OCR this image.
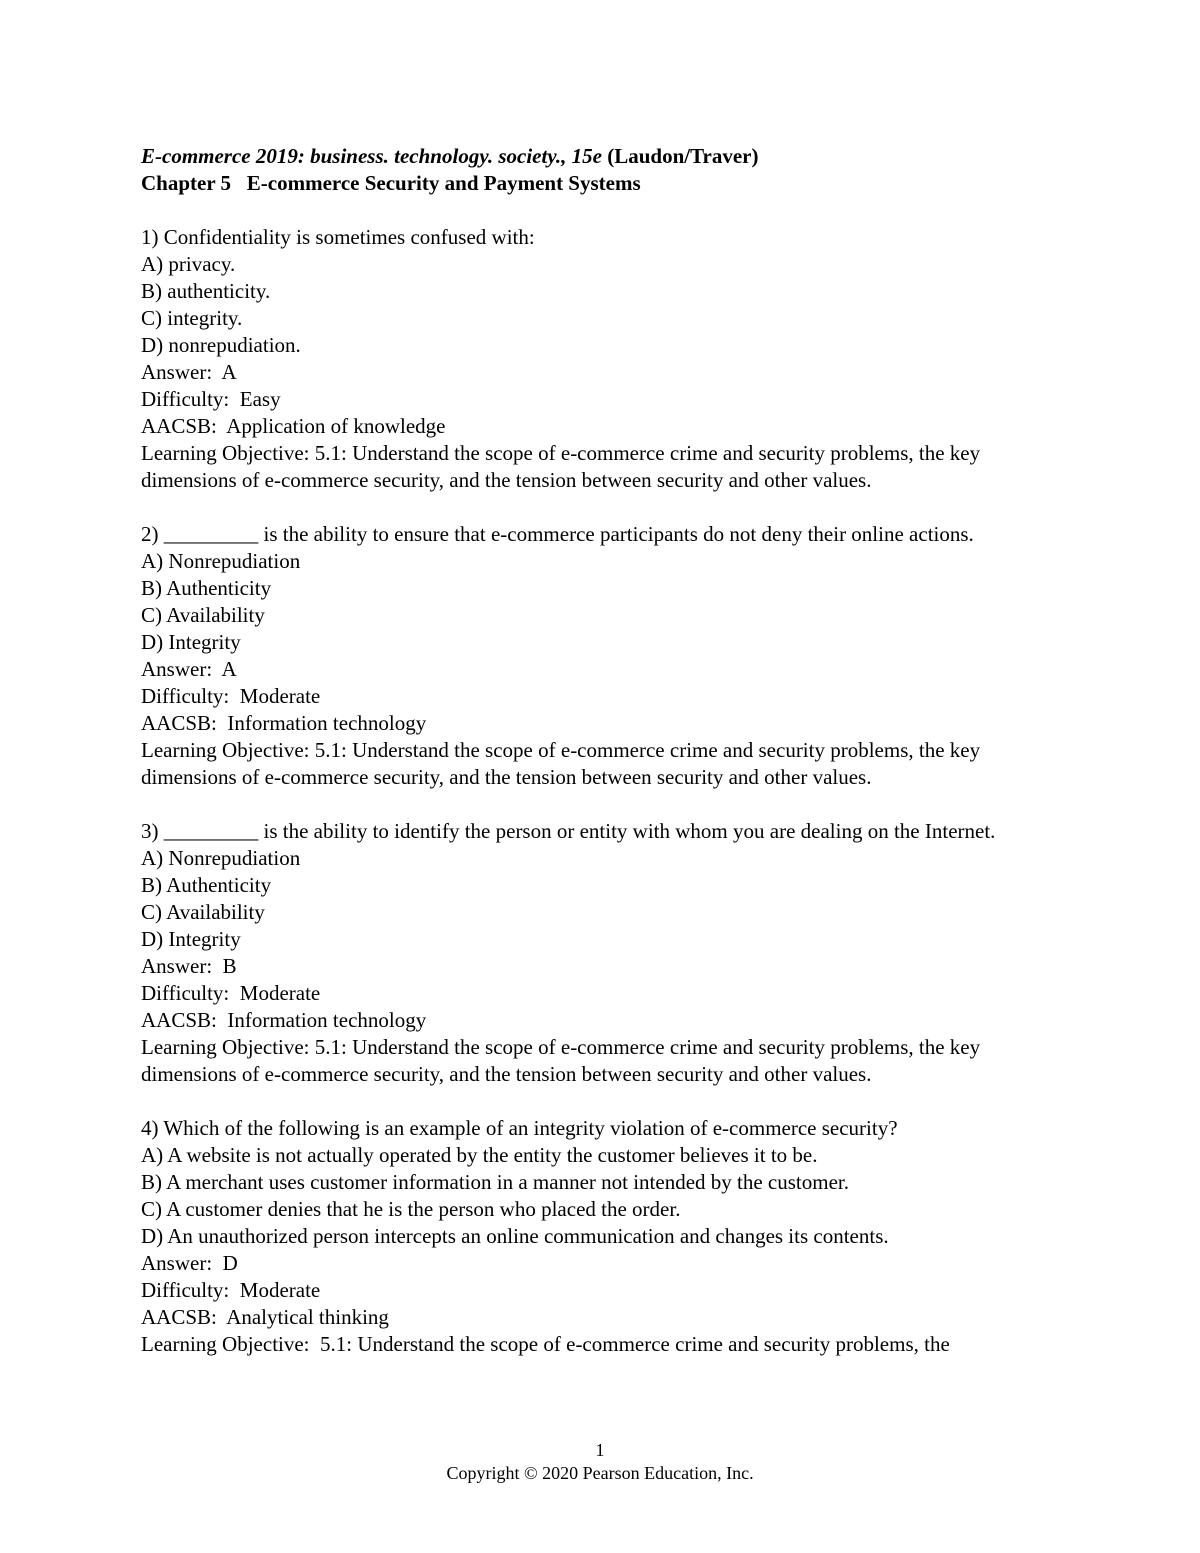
E-commerce 2019: business. technology. society., 15e (Laudon/Traver)
Chapter 5   E-commerce Security and Payment Systems
1) Confidentiality is sometimes confused with:
A) privacy.
B) authenticity.
C) integrity.
D) nonrepudiation.
Answer:  A
Difficulty:  Easy
AACSB:  Application of knowledge
Learning Objective: 5.1: Understand the scope of e-commerce crime and security problems, the key dimensions of e-commerce security, and the tension between security and other values.
2) _________ is the ability to ensure that e-commerce participants do not deny their online actions.
A) Nonrepudiation
B) Authenticity
C) Availability
D) Integrity
Answer:  A
Difficulty:  Moderate
AACSB:  Information technology
Learning Objective: 5.1: Understand the scope of e-commerce crime and security problems, the key dimensions of e-commerce security, and the tension between security and other values.
3) _________ is the ability to identify the person or entity with whom you are dealing on the Internet.
A) Nonrepudiation
B) Authenticity
C) Availability
D) Integrity
Answer:  B
Difficulty:  Moderate
AACSB:  Information technology
Learning Objective: 5.1: Understand the scope of e-commerce crime and security problems, the key dimensions of e-commerce security, and the tension between security and other values.
4) Which of the following is an example of an integrity violation of e-commerce security?
A) A website is not actually operated by the entity the customer believes it to be.
B) A merchant uses customer information in a manner not intended by the customer.
C) A customer denies that he is the person who placed the order.
D) An unauthorized person intercepts an online communication and changes its contents.
Answer:  D
Difficulty:  Moderate
AACSB:  Analytical thinking
Learning Objective:  5.1: Understand the scope of e-commerce crime and security problems, the
1
Copyright © 2020 Pearson Education, Inc.
